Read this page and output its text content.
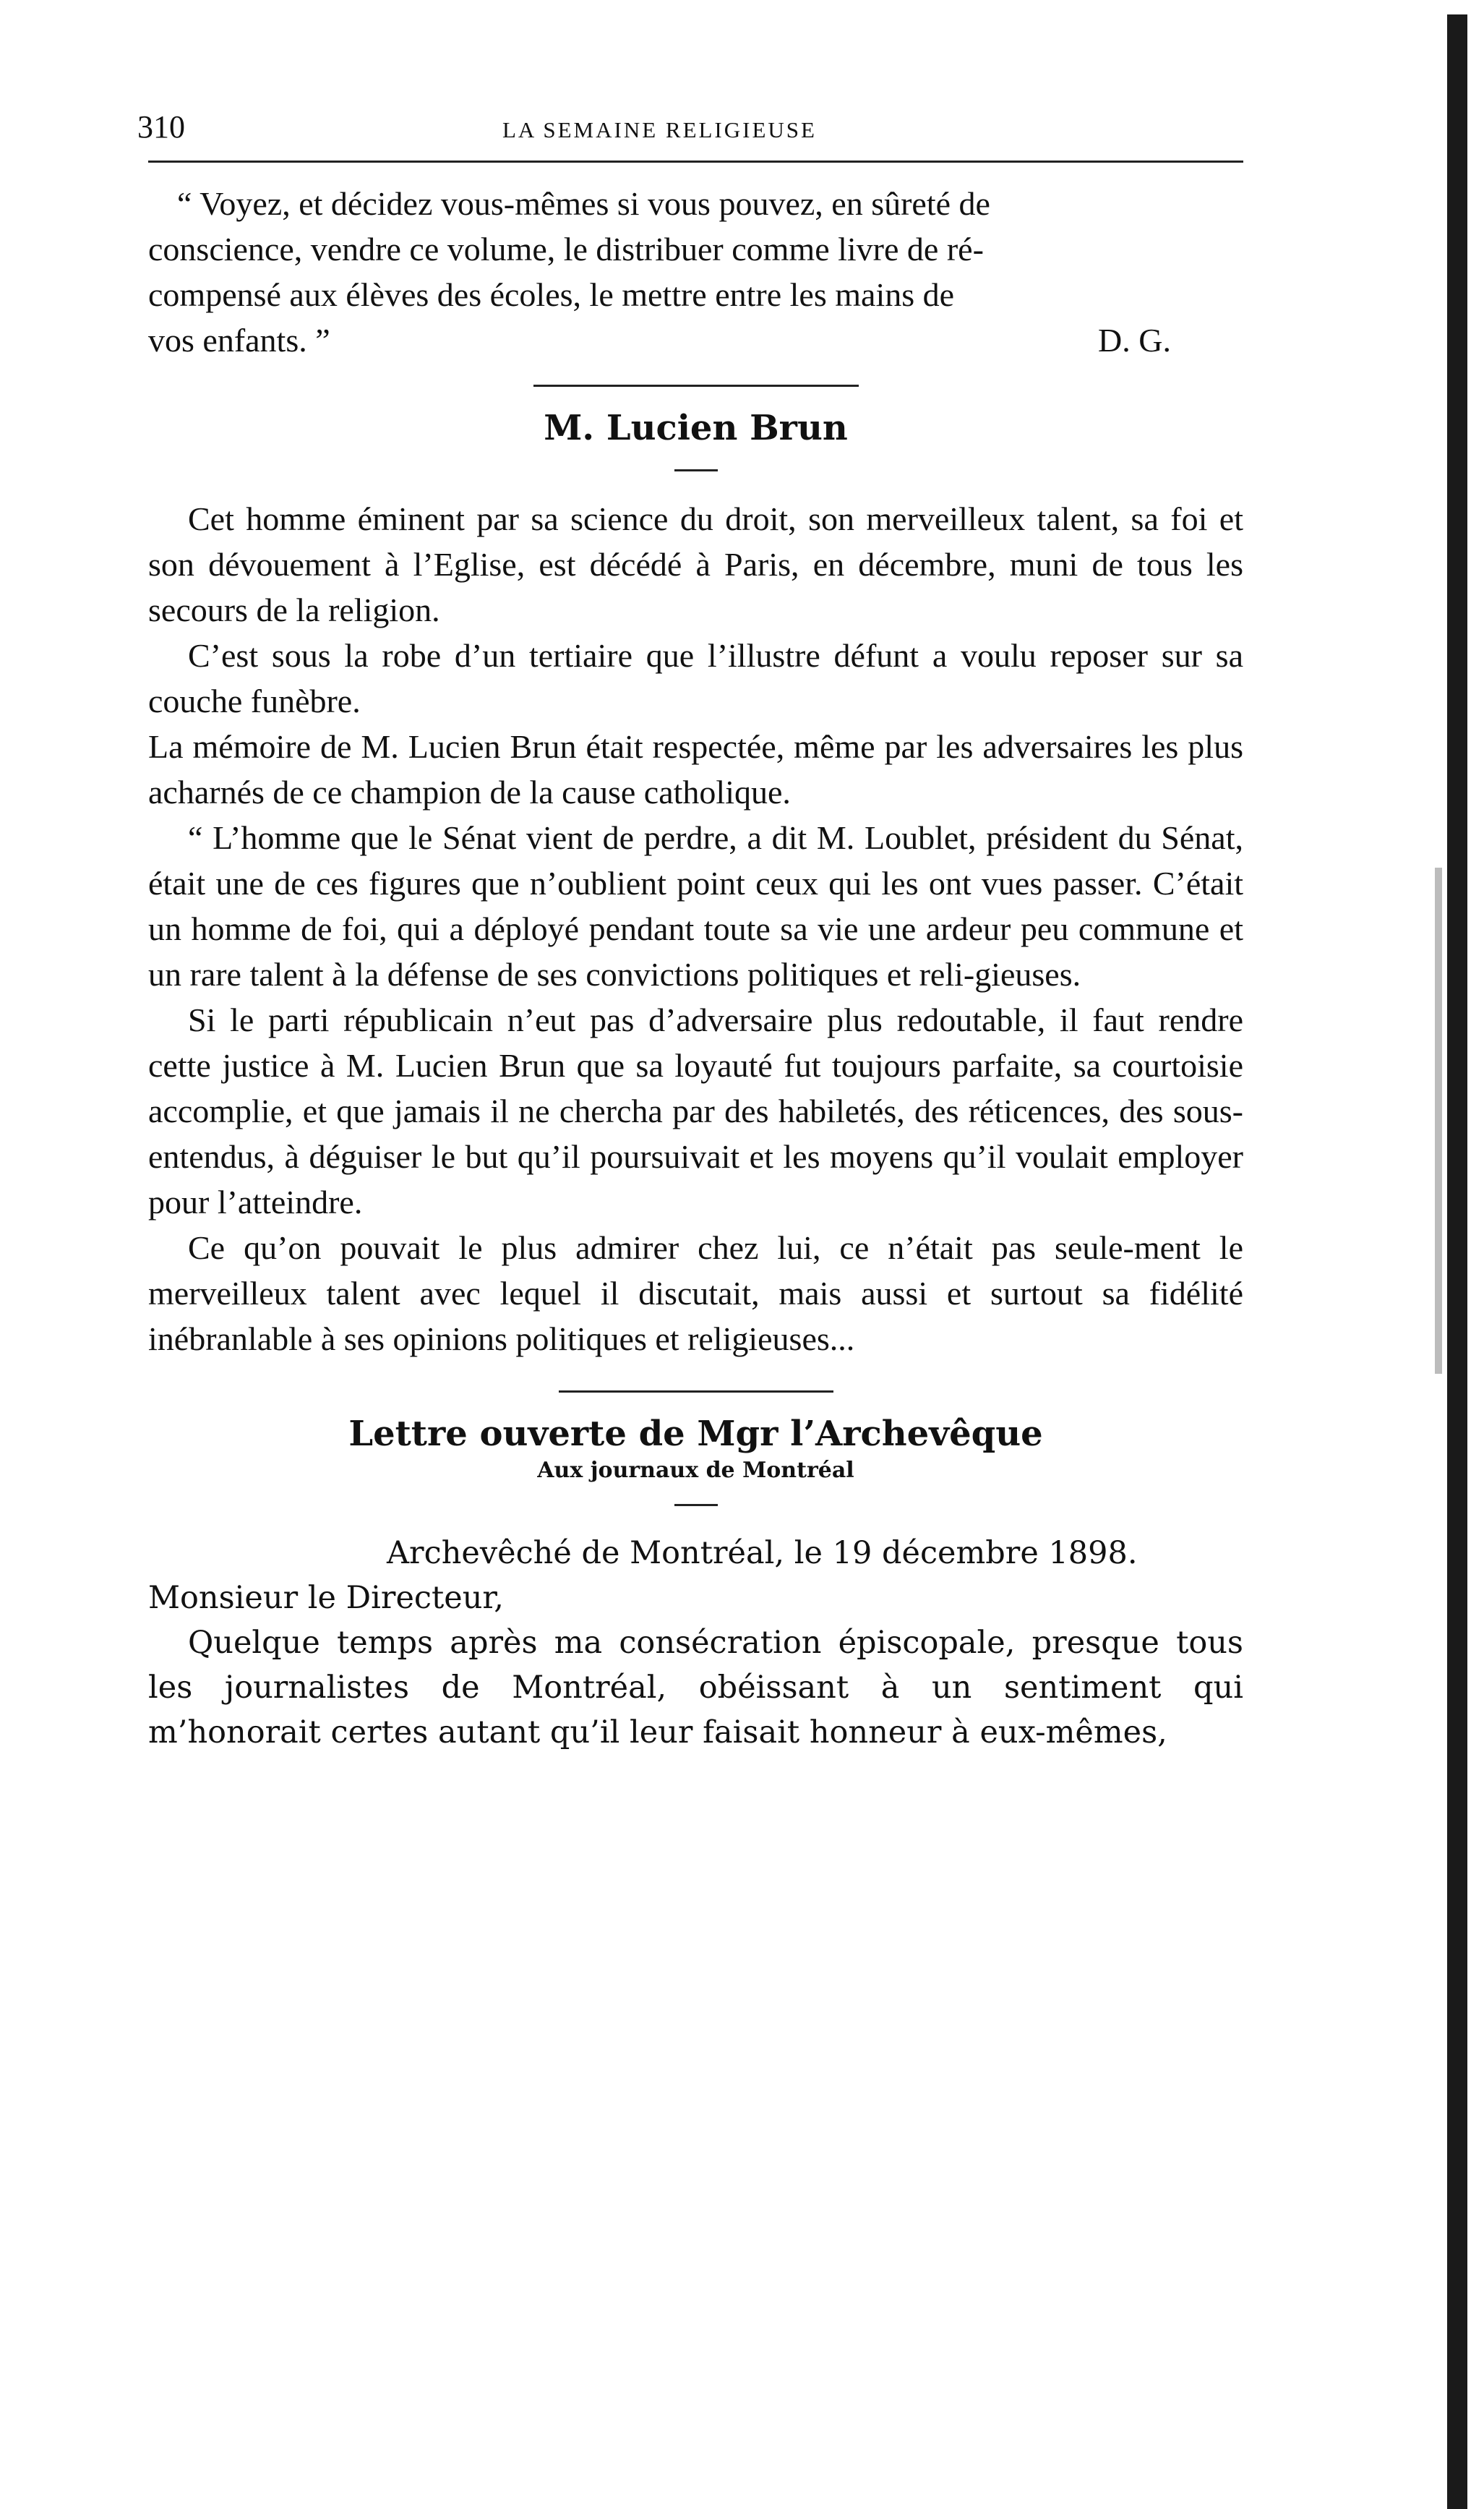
310	LA SEMAINE RELIGIEUSE

“ Voyez, et décidez vous-mêmes si vous pouvez, en sûreté de

conscience, vendre ce volume, le distribuer comme livre de ré-

compensé aux élèves des écoles, le mettre entre les mains de

vos enfants. ”	D. G.
M. Lucien Brun

Cet homme éminent par sa science du droit, son merveilleux talent, sa foi et son dévouement à l’Eglise, est décédé à Paris, en décembre, muni de tous les secours de la religion.

C’est sous la robe d’un tertiaire que l’illustre défunt a voulu reposer sur sa couche funèbre.

La mémoire de M. Lucien Brun était respectée, même par les adversaires les plus acharnés de ce champion de la cause catholique.

“ L’homme que le Sénat vient de perdre, a dit M. Loublet, président du Sénat, était une de ces figures que n’oublient point ceux qui les ont vues passer. C’était un homme de foi, qui a déployé pendant toute sa vie une ardeur peu commune et un rare talent à la défense de ses convictions politiques et reli-gieuses.

Si le parti républicain n’eut pas d’adversaire plus redoutable, il faut rendre cette justice à M. Lucien Brun que sa loyauté fut toujours parfaite, sa courtoisie accomplie, et que jamais il ne chercha par des habiletés, des réticences, des sous-entendus, à déguiser le but qu’il poursuivait et les moyens qu’il voulait employer pour l’atteindre.

Ce qu’on pouvait le plus admirer chez lui, ce n’était pas seule-ment le merveilleux talent avec lequel il discutait, mais aussi et surtout sa fidélité inébranlable à ses opinions politiques et religieuses...

Lettre ouverte de Mgr l’Archevêque
Aux journaux de Montréal

Archevêché de Montréal, le 19 décembre 1898.

Monsieur le Directeur,

Quelque temps après ma consécration épiscopale, presque tous les journalistes de Montréal, obéissant à un sentiment qui m’honorait certes autant qu’il leur faisait honneur à eux-mêmes,
